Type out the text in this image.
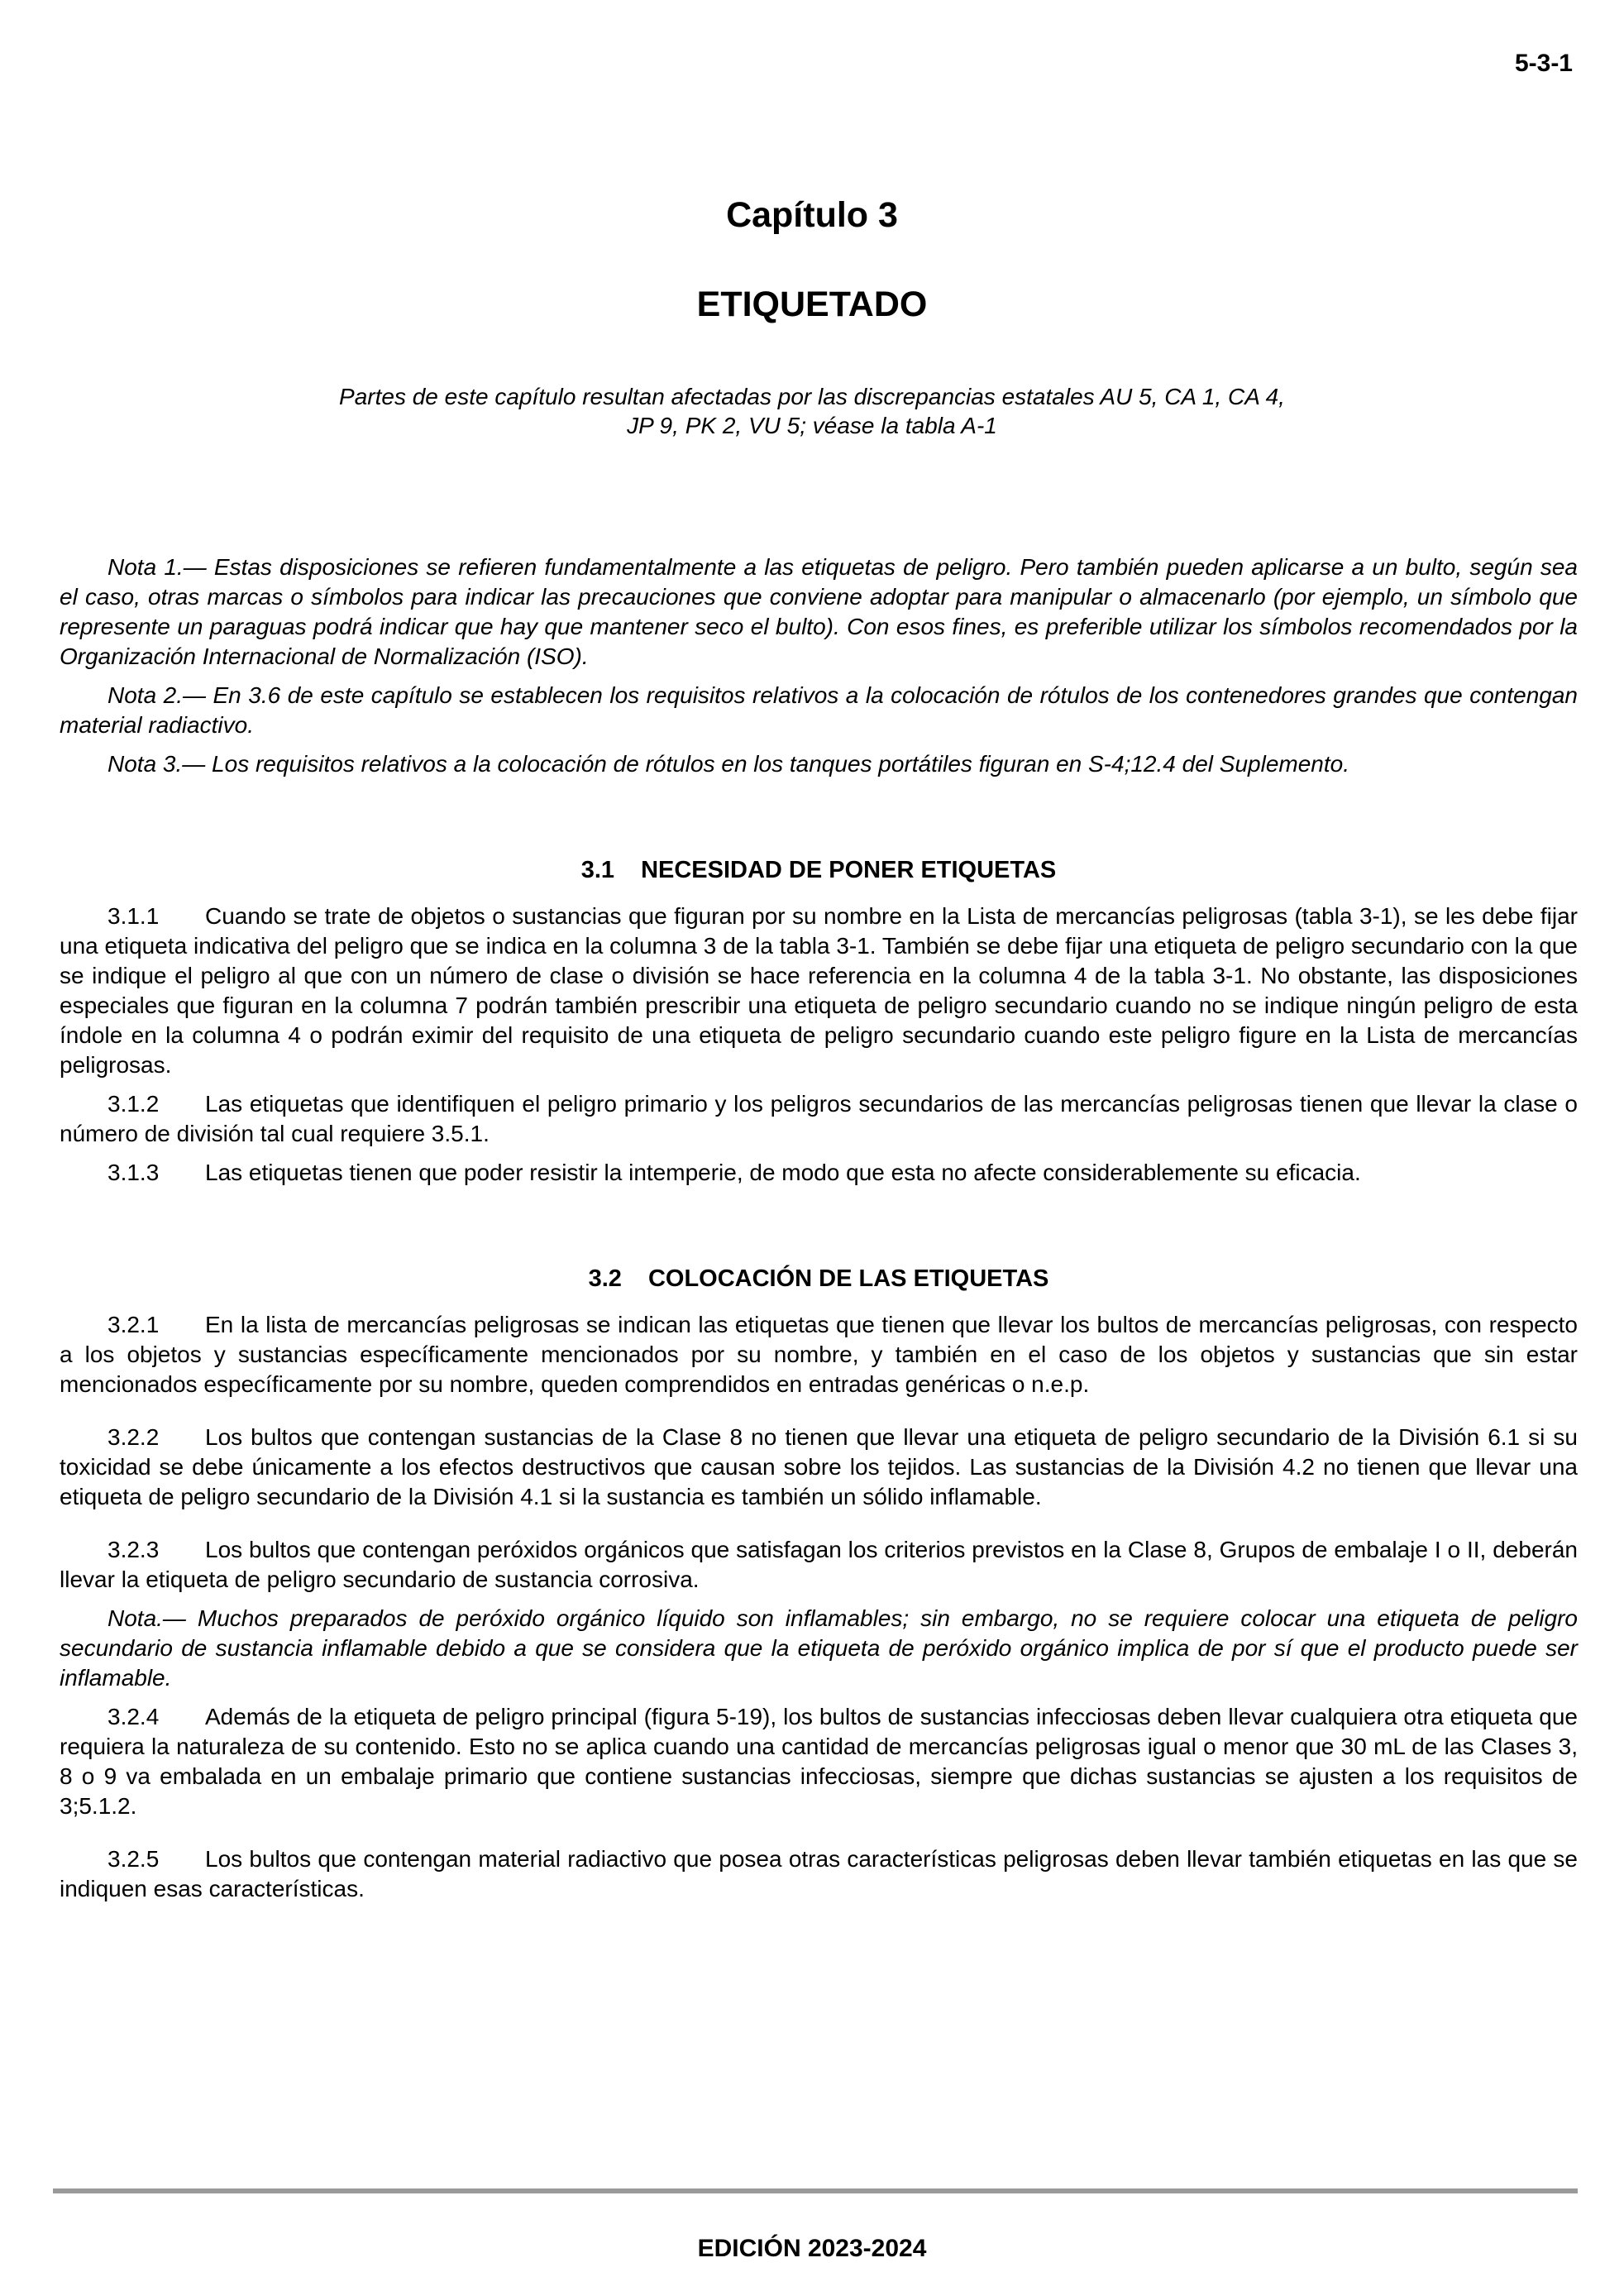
5-3-1
Capítulo 3
ETIQUETADO
Partes de este capítulo resultan afectadas por las discrepancias estatales AU 5, CA 1, CA 4,
JP 9, PK 2, VU 5; véase la tabla A-1

Nota 1.— Estas disposiciones se refieren fundamentalmente a las etiquetas de peligro. Pero también pueden aplicarse a un bulto, según sea el caso, otras marcas o símbolos para indicar las precauciones que conviene adoptar para manipular o almacenarlo (por ejemplo, un símbolo que represente un paraguas podrá indicar que hay que mantener seco el bulto). Con esos fines, es preferible utilizar los símbolos recomendados por la Organización Internacional de Normalización (ISO).

Nota 2.— En 3.6 de este capítulo se establecen los requisitos relativos a la colocación de rótulos de los contenedores grandes que contengan material radiactivo.

Nota 3.— Los requisitos relativos a la colocación de rótulos en los tanques portátiles figuran en S-4;12.4 del Suplemento.

3.1 NECESIDAD DE PONER ETIQUETAS

3.1.1 Cuando se trate de objetos o sustancias que figuran por su nombre en la Lista de mercancías peligrosas (tabla 3-1), se les debe fijar una etiqueta indicativa del peligro que se indica en la columna 3 de la tabla 3-1. También se debe fijar una etiqueta de peligro secundario con la que se indique el peligro al que con un número de clase o división se hace referencia en la columna 4 de la tabla 3-1. No obstante, las disposiciones especiales que figuran en la columna 7 podrán también prescribir una etiqueta de peligro secundario cuando no se indique ningún peligro de esta índole en la columna 4 o podrán eximir del requisito de una etiqueta de peligro secundario cuando este peligro figure en la Lista de mercancías peligrosas.

3.1.2 Las etiquetas que identifiquen el peligro primario y los peligros secundarios de las mercancías peligrosas tienen que llevar la clase o número de división tal cual requiere 3.5.1.

3.1.3 Las etiquetas tienen que poder resistir la intemperie, de modo que esta no afecte considerablemente su eficacia.

3.2 COLOCACIÓN DE LAS ETIQUETAS

3.2.1 En la lista de mercancías peligrosas se indican las etiquetas que tienen que llevar los bultos de mercancías peligrosas, con respecto a los objetos y sustancias específicamente mencionados por su nombre, y también en el caso de los objetos y sustancias que sin estar mencionados específicamente por su nombre, queden comprendidos en entradas genéricas o n.e.p.

3.2.2 Los bultos que contengan sustancias de la Clase 8 no tienen que llevar una etiqueta de peligro secundario de la División 6.1 si su toxicidad se debe únicamente a los efectos destructivos que causan sobre los tejidos. Las sustancias de la División 4.2 no tienen que llevar una etiqueta de peligro secundario de la División 4.1 si la sustancia es también un sólido inflamable.

3.2.3 Los bultos que contengan peróxidos orgánicos que satisfagan los criterios previstos en la Clase 8, Grupos de embalaje I o II, deberán llevar la etiqueta de peligro secundario de sustancia corrosiva.

Nota.— Muchos preparados de peróxido orgánico líquido son inflamables; sin embargo, no se requiere colocar una etiqueta de peligro secundario de sustancia inflamable debido a que se considera que la etiqueta de peróxido orgánico implica de por sí que el producto puede ser inflamable.

3.2.4 Además de la etiqueta de peligro principal (figura 5-19), los bultos de sustancias infecciosas deben llevar cualquiera otra etiqueta que requiera la naturaleza de su contenido. Esto no se aplica cuando una cantidad de mercancías peligrosas igual o menor que 30 mL de las Clases 3, 8 o 9 va embalada en un embalaje primario que contiene sustancias infecciosas, siempre que dichas sustancias se ajusten a los requisitos de 3;5.1.2.

3.2.5 Los bultos que contengan material radiactivo que posea otras características peligrosas deben llevar también etiquetas en las que se indiquen esas características.

EDICIÓN 2023-2024
